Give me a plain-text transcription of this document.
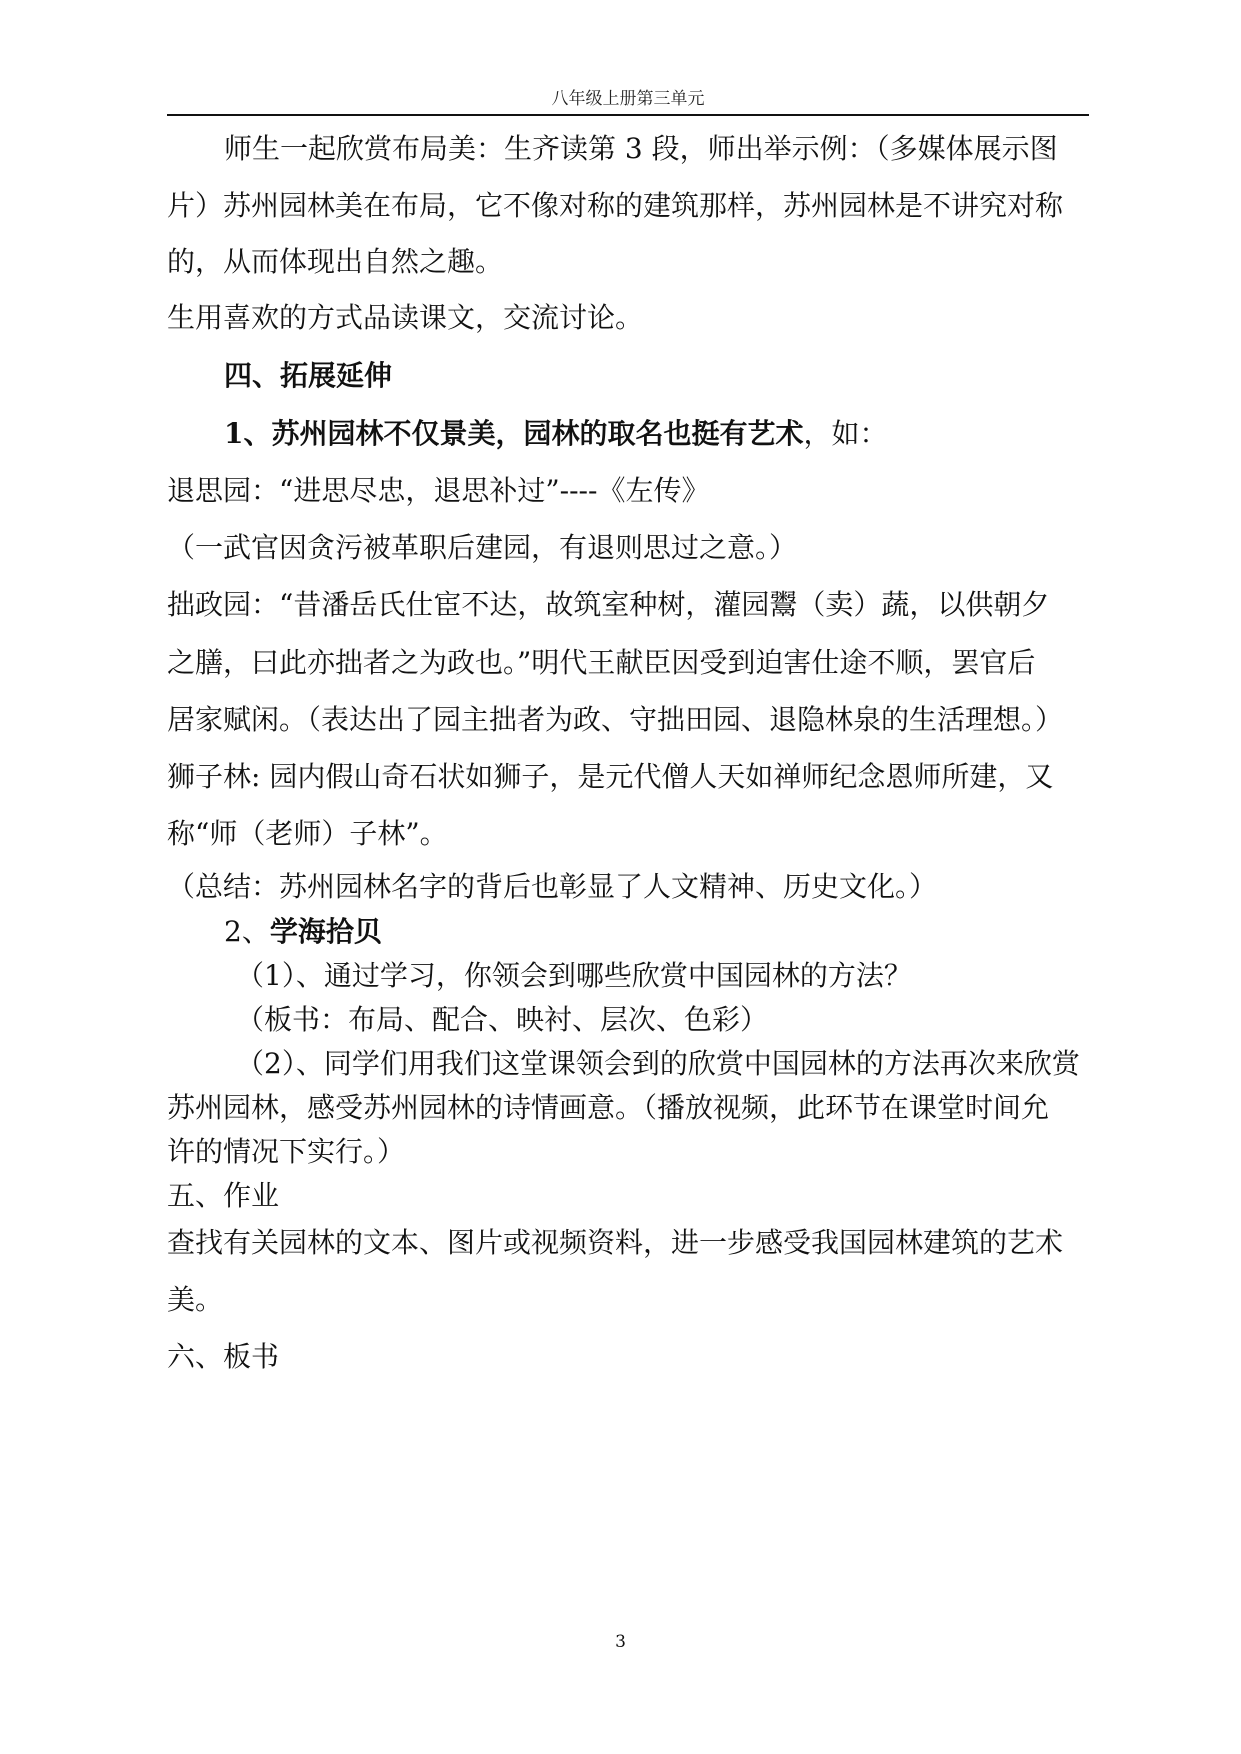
八年级上册第三单元
师生一起欣赏布局美：生齐读第 3 段，师出举示例：（多媒体展示图
片）苏州园林美在布局，它不像对称的建筑那样，苏州园林是不讲究对称
的，从而体现出自然之趣。
生用喜欢的方式品读课文，交流讨论。
四、拓展延伸
1、苏州园林不仅景美，园林的取名也挺有艺术，如：
退思园：“进思尽忠，退思补过”----《左传》
（一武官因贪污被革职后建园，有退则思过之意。）
拙政园：“昔潘岳氏仕宦不达，故筑室种树，灌园鬻（卖）蔬，以供朝夕
之膳，曰此亦拙者之为政也。”明代王献臣因受到迫害仕途不顺，罢官后
居家赋闲。（表达出了园主拙者为政、守拙田园、退隐林泉的生活理想。）
狮子林: 园内假山奇石状如狮子，是元代僧人天如禅师纪念恩师所建，又
称“师（老师）子林”。
（总结：苏州园林名字的背后也彰显了人文精神、历史文化。）
2、学海拾贝
（1）、通过学习，你领会到哪些欣赏中国园林的方法？
（板书：布局、配合、映衬、层次、色彩）
（2）、同学们用我们这堂课领会到的欣赏中国园林的方法再次来欣赏
苏州园林，感受苏州园林的诗情画意。（播放视频，此环节在课堂时间允
许的情况下实行。）
五、作业
查找有关园林的文本、图片或视频资料，进一步感受我国园林建筑的艺术
美。
六、板书
3
